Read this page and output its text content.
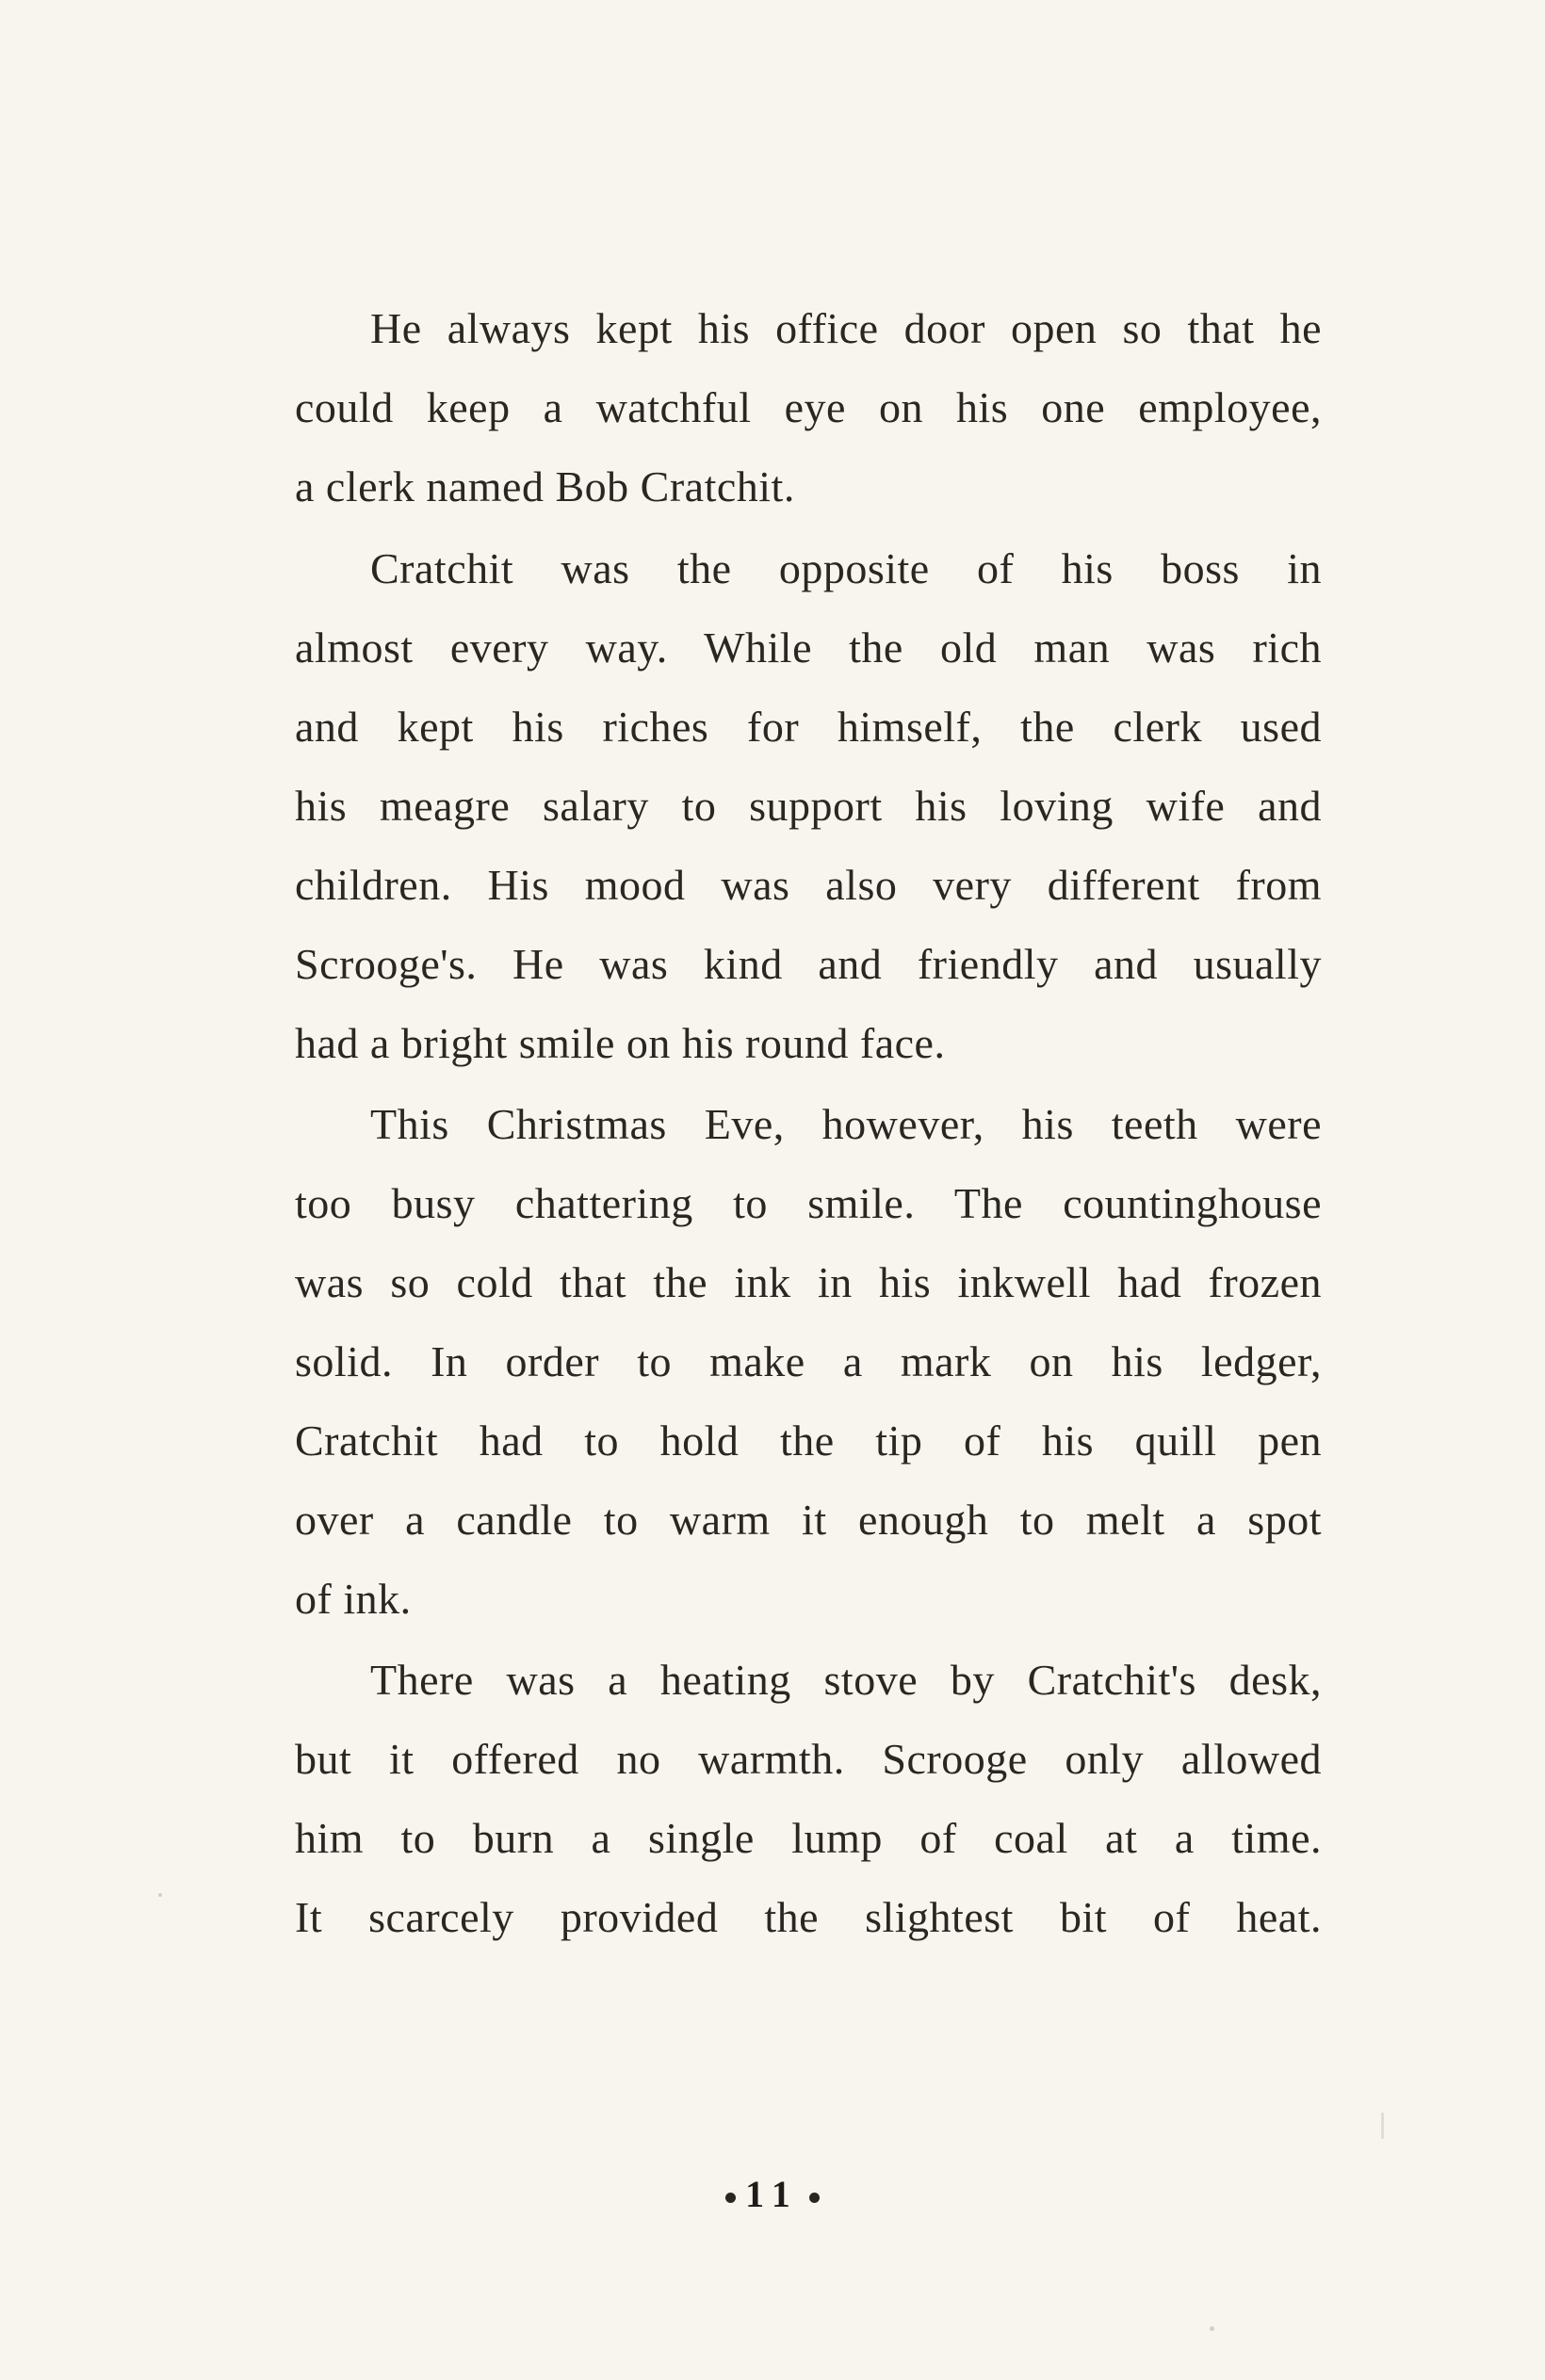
He always kept his office door open so that he
could keep a watchful eye on his one employee,
a clerk named Bob Cratchit.
Cratchit was the opposite of his boss in
almost every way. While the old man was rich
and kept his riches for himself, the clerk used
his meagre salary to support his loving wife and
children. His mood was also very different from
Scrooge's. He was kind and friendly and usually
had a bright smile on his round face.
This Christmas Eve, however, his teeth were
too busy chattering to smile. The countinghouse
was so cold that the ink in his inkwell had frozen
solid. In order to make a mark on his ledger,
Cratchit had to hold the tip of his quill pen
over a candle to warm it enough to melt a spot
of ink.
There was a heating stove by Cratchit's desk,
but it offered no warmth. Scrooge only allowed
him to burn a single lump of coal at a time.
It scarcely provided the slightest bit of heat.
11
